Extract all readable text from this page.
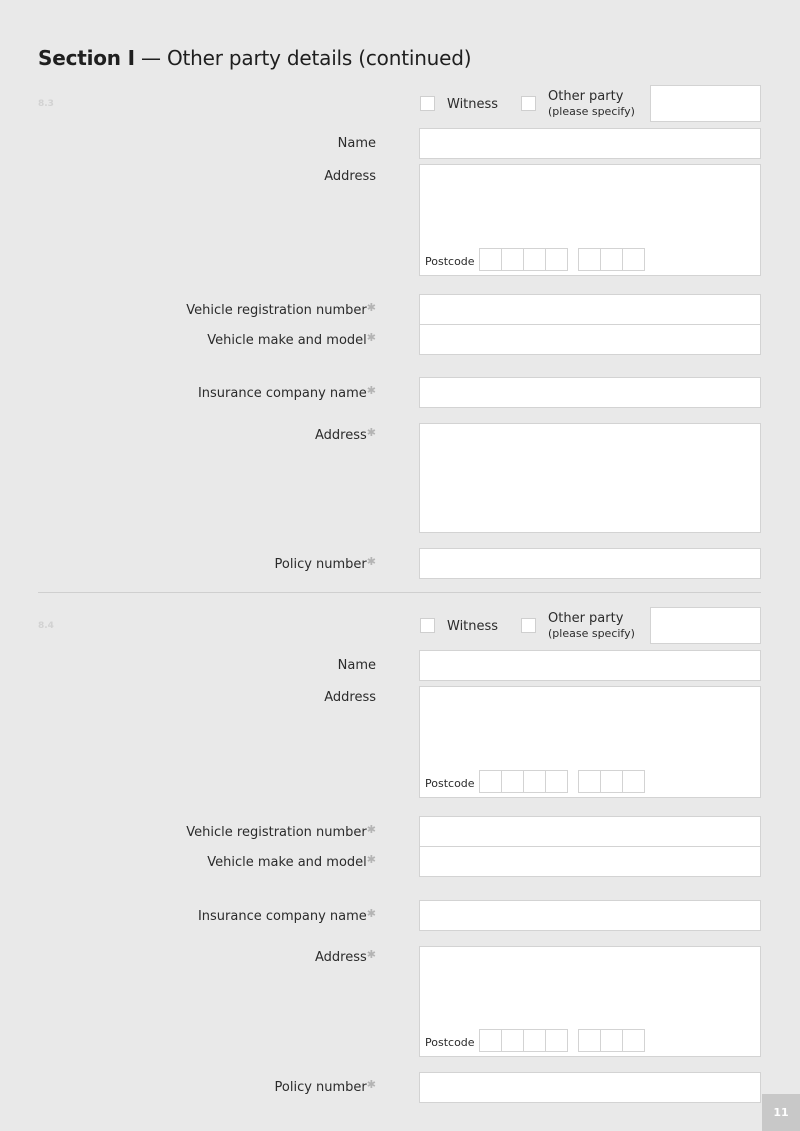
Section I — Other party details (continued)
8.3	Witness
Other party
(please specify)
Name
Address
Postcode
Vehicle registration number✱
Vehicle make and model✱
Insurance company name✱
Address✱
Policy number✱
8.4	Witness
Other party
(please specify)
Name
Address
Postcode
Vehicle registration number✱
Vehicle make and model✱
Insurance company name✱
Address✱
Postcode
Policy number✱
11
